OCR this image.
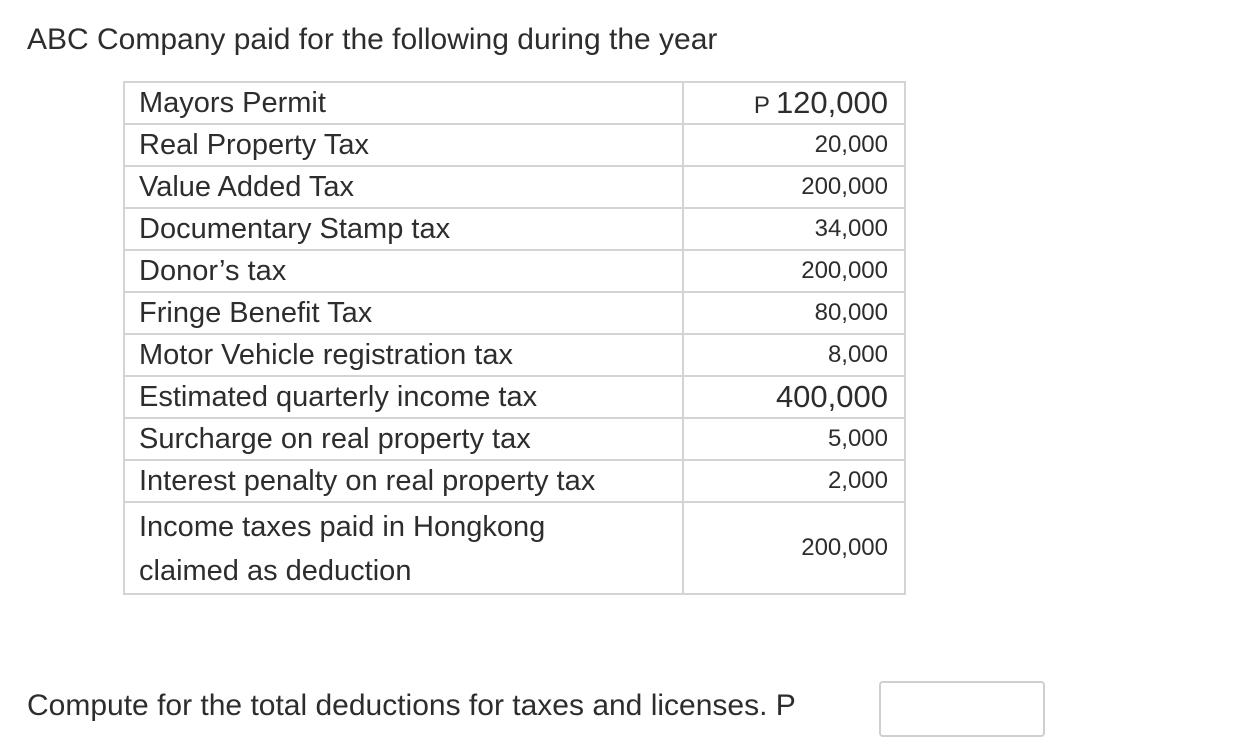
ABC Company paid for the following during the year

Mayors Permit	P 120,000
Real Property Tax	20,000
Value Added Tax	200,000
Documentary Stamp tax	34,000
Donor’s tax	200,000
Fringe Benefit Tax	80,000
Motor Vehicle registration tax	8,000
Estimated quarterly income tax	400,000
Surcharge on real property tax	5,000
Interest penalty on real property tax	2,000
Income taxes paid in Hongkong
claimed as deduction	200,000

Compute for the total deductions for taxes and licenses. P
